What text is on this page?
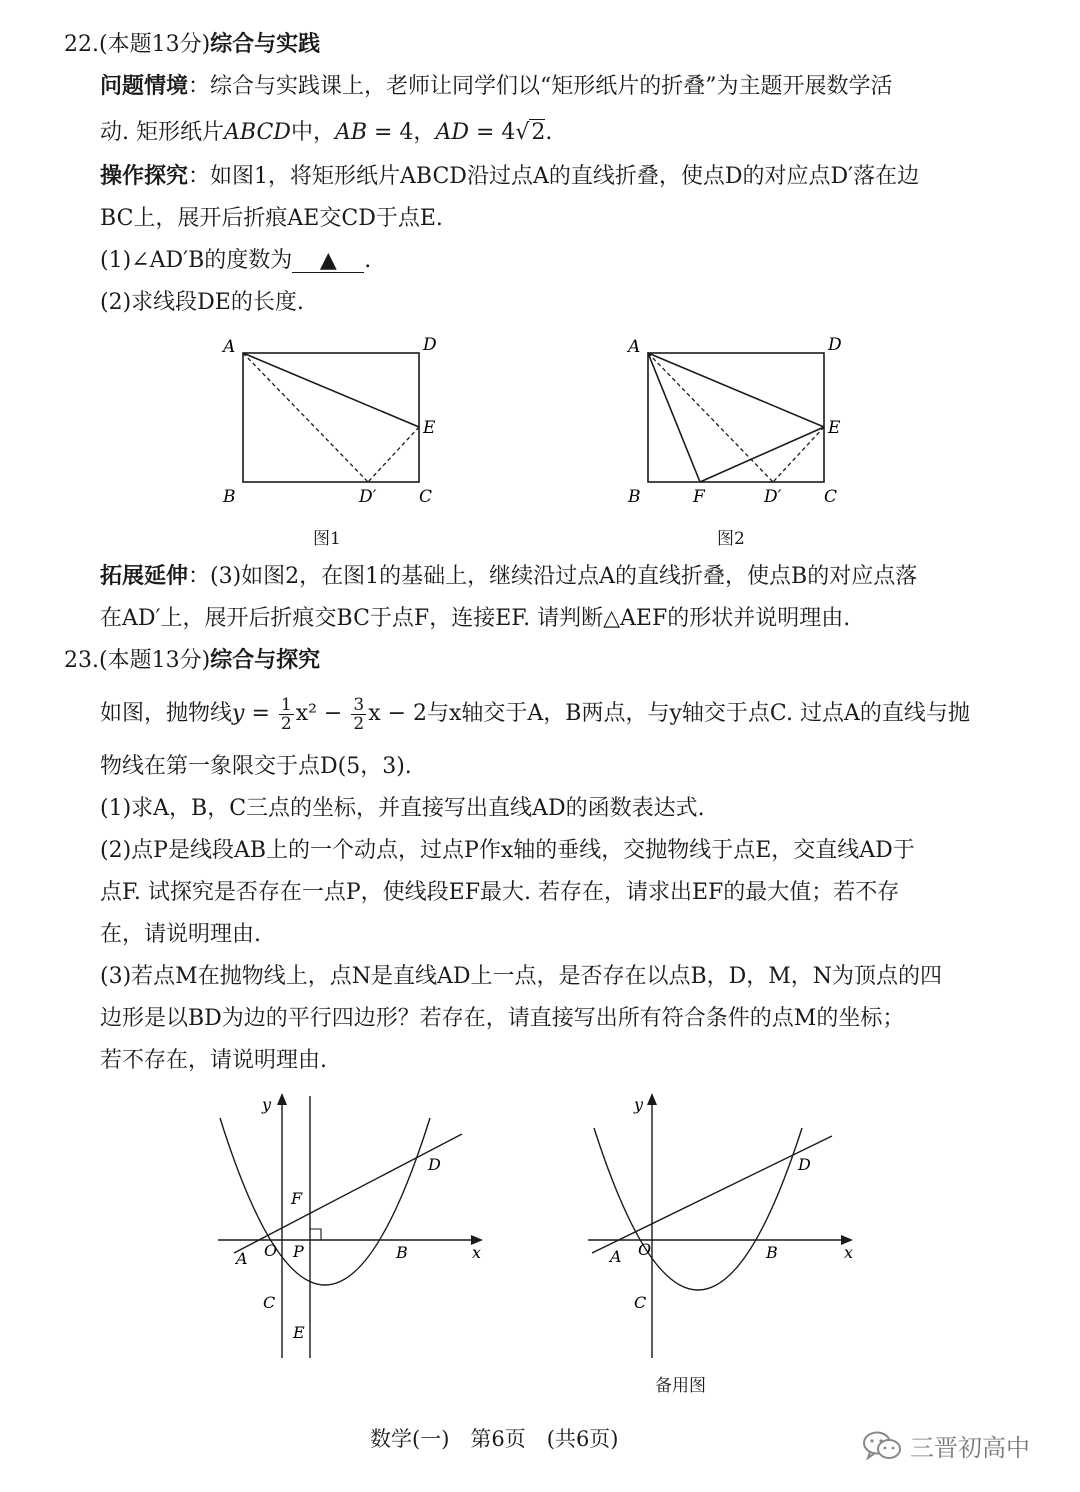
22.(本题13分)综合与实践
问题情境：综合与实践课上，老师让同学们以“矩形纸片的折叠”为主题开展数学活
动. 矩形纸片ABCD中，AB = 4，AD = 4√2.
操作探究：如图1，将矩形纸片ABCD沿过点A的直线折叠，使点D的对应点D′落在边
BC上，展开后折痕AE交CD于点E.
(1)∠AD′B的度数为 ▲ .
(2)求线段DE的长度.
A	D
E
B	D′	C
图1
A	D
E
B	F	D′	C
图2
拓展延伸：(3)如图2，在图1的基础上，继续沿过点A的直线折叠，使点B的对应点落
在AD′上，展开后折痕交BC于点F，连接EF. 请判断△AEF的形状并说明理由.
23.(本题13分)综合与探究
如图，抛物线$y = \frac{1}{2} x^2 - \frac{3}{2}$ x − 2与x轴交于A，B两点，与y轴交于点C. 过点A的直线与抛
物线在第一象限交于点D(5，3).
(1)求A，B，C三点的坐标，并直接写出直线AD的函数表达式.
(2)点P是线段AB上的一个动点，过点P作x轴的垂线，交抛物线于点E，交直线AD于
点F. 试探究是否存在一点P，使线段EF最大. 若存在，请求出EF的最大值；若不存
在，请说明理由.
(3)若点M在抛物线上，点N是直线AD上一点，是否存在以点B，D，M，N为顶点的四
边形是以BD为边的平行四边形？若存在，请直接写出所有符合条件的点M的坐标；
若不存在，请说明理由.
y
x
O
A	P	B
C
E
F
D
y
x
O
A	B
C
D
备用图
数学(一)　第6页　(共6页)	三晋初高中
